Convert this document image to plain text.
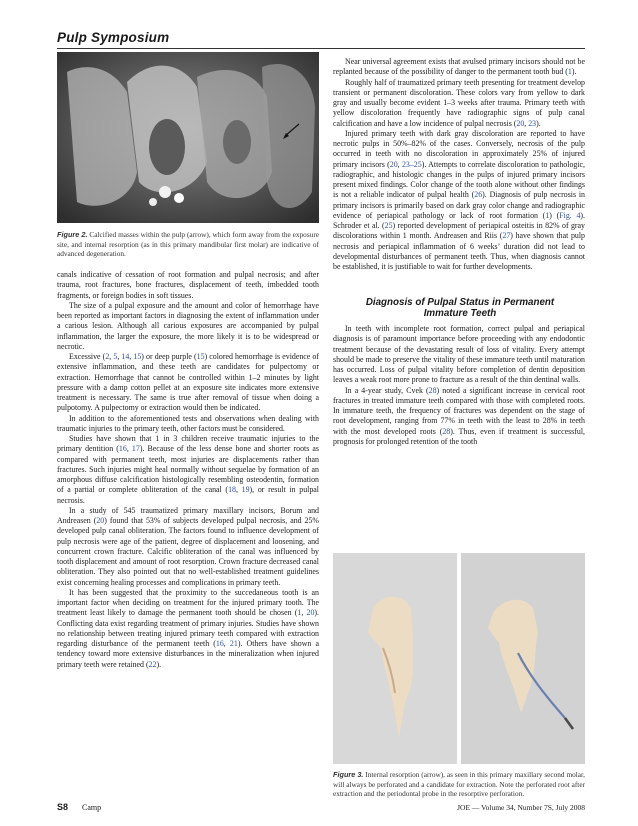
Pulp Symposium
Figure 2. Calcified masses within the pulp (arrow), which form away from the exposure site, and internal resorption (as in this primary mandibular first molar) are indicative of advanced degeneration.

canals indicative of cessation of root formation and pulpal necrosis; and after trauma, root fractures, bone fractures, displacement of teeth, imbedded tooth fragments, or foreign bodies in soft tissues.

The size of a pulpal exposure and the amount and color of hemorrhage have been reported as important factors in diagnosing the extent of inflammation under a carious lesion. Although all carious exposures are accompanied by pulpal inflammation, the larger the exposure, the more likely it is to be widespread or necrotic.

Excessive (2, 5, 14, 15) or deep purple (15) colored hemorrhage is evidence of extensive inflammation, and these teeth are candidates for pulpectomy or extraction. Hemorrhage that cannot be controlled within 1–2 minutes by light pressure with a damp cotton pellet at an exposure site indicates more extensive treatment is necessary. The same is true after removal of tissue when doing a pulpotomy. A pulpectomy or extraction would then be indicated.

In addition to the aforementioned tests and observations when dealing with traumatic injuries to the primary teeth, other factors must be considered.

Studies have shown that 1 in 3 children receive traumatic injuries to the primary dentition (16, 17). Because of the less dense bone and shorter roots as compared with permanent teeth, most injuries are displacements rather than fractures. Such injuries might heal normally without sequelae by formation of an amorphous diffuse calcification histologically resembling osteodentin, formation of a partial or complete obliteration of the canal (18, 19), or result in pulpal necrosis.

In a study of 545 traumatized primary maxillary incisors, Borum and Andreasen (20) found that 53% of subjects developed pulpal necrosis, and 25% developed pulp canal obliteration. The factors found to influence development of pulp necrosis were age of the patient, degree of displacement and loosening, and concurrent crown fracture. Calcific obliteration of the canal was influenced by tooth displacement and amount of root resorption. Crown fracture decreased canal obliteration. They also pointed out that no well-established treatment guidelines exist concerning healing processes and complications in primary teeth.

It has been suggested that the proximity to the succedaneous tooth is an important factor when deciding on treatment for the injured primary tooth. The treatment least likely to damage the permanent tooth should be chosen (1, 20). Conflicting data exist regarding treatment of primary injuries. Studies have shown no relationship between treating injured primary teeth compared with extraction regarding disturbance of the permanent teeth (16, 21). Others have shown a tendency toward more extensive disturbances in the mineralization when injured primary teeth were retained (22).

Near universal agreement exists that avulsed primary incisors should not be replanted because of the possibility of danger to the permanent tooth bud (1).

Roughly half of traumatized primary teeth presenting for treatment develop transient or permanent discoloration. These colors vary from yellow to dark gray and usually become evident 1–3 weeks after trauma. Primary teeth with yellow discoloration frequently have radiographic signs of pulp canal calcification and have a low incidence of pulpal necrosis (20, 23).

Injured primary teeth with dark gray discoloration are reported to have necrotic pulps in 50%–82% of the cases. Conversely, necrosis of the pulp occurred in teeth with no discoloration in approximately 25% of injured primary incisors (20, 23–25). Attempts to correlate discoloration to pathologic, radiographic, and histologic changes in the pulps of injured primary incisors present mixed findings. Color change of the tooth alone without other findings is not a reliable indicator of pulpal health (26). Diagnosis of pulp necrosis in primary incisors is primarily based on dark gray color change and radiographic evidence of periapical pathology or lack of root formation (1) (Fig. 4). Schroder et al. (25) reported development of periapical osteitis in 82% of gray discolorations within 1 month. Andreasen and Riis (27) have shown that pulp necrosis and periapical inflammation of 6 weeks’ duration did not lead to developmental disturbances of permanent teeth. Thus, when diagnosis cannot be established, it is justifiable to wait for further developments.

Diagnosis of Pulpal Status in Permanent Immature Teeth

In teeth with incomplete root formation, correct pulpal and periapical diagnosis is of paramount importance before proceeding with any endodontic treatment because of the devastating result of loss of vitality. Every attempt should be made to preserve the vitality of these immature teeth until maturation has occurred. Loss of pulpal vitality before completion of dentin deposition leaves a weak root more prone to fracture as a result of the thin dentinal walls.

In a 4-year study, Cvek (28) noted a significant increase in cervical root fractures in treated immature teeth compared with those with completed roots. In immature teeth, the frequency of fractures was dependent on the stage of root development, ranging from 77% in teeth with the least to 28% in teeth with the most developed roots (28). Thus, even if treatment is successful, prognosis for prolonged retention of the tooth

Figure 3. Internal resorption (arrow), as seen in this primary maxillary second molar, will always be perforated and a candidate for extraction. Note the perforated root after extraction and the periodontal probe in the resorptive perforation.
S8 Camp	JOE — Volume 34, Number 7S, July 2008
